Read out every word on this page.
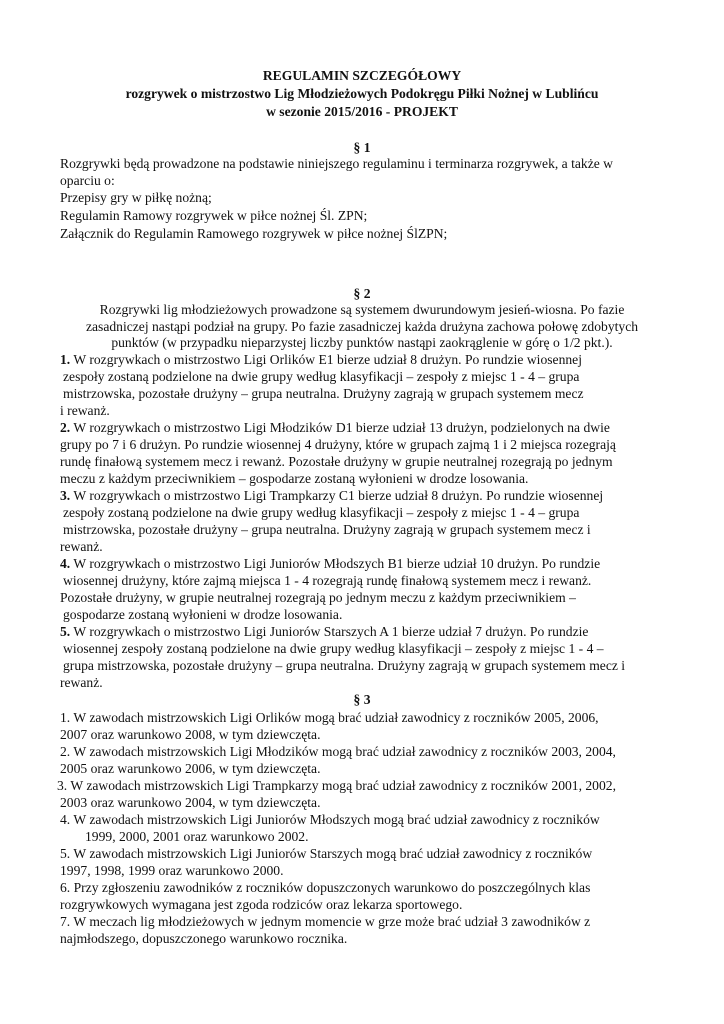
REGULAMIN SZCZEGÓŁOWY
rozgrywek o mistrzostwo Lig Młodzieżowych Podokręgu Piłki Nożnej w Lublińcu
w sezonie 2015/2016 - PROJEKT
§ 1
Rozgrywki będą prowadzone na podstawie niniejszego regulaminu i terminarza rozgrywek, a także w
oparciu o:
Przepisy gry w piłkę nożną;
Regulamin Ramowy rozgrywek w piłce nożnej Śl. ZPN;
Załącznik do Regulamin Ramowego rozgrywek w piłce nożnej ŚlZPN;
§ 2
Rozgrywki lig młodzieżowych prowadzone są systemem dwurundowym jesień-wiosna. Po fazie
zasadniczej nastąpi podział na grupy. Po fazie zasadniczej każda drużyna zachowa połowę zdobytych
punktów (w przypadku nieparzystej liczby punktów nastąpi zaokrąglenie w górę o 1/2 pkt.).
1. W rozgrywkach o mistrzostwo Ligi Orlików E1 bierze udział 8 drużyn. Po rundzie wiosennej
zespoły zostaną podzielone na dwie grupy według klasyfikacji – zespoły z miejsc 1 - 4 – grupa
mistrzowska, pozostałe drużyny – grupa neutralna. Drużyny zagrają w grupach systemem mecz
i rewanż.
2. W rozgrywkach o mistrzostwo Ligi Młodzików D1 bierze udział 13 drużyn, podzielonych na dwie
grupy po 7 i 6 drużyn. Po rundzie wiosennej 4 drużyny, które w grupach zajmą 1 i 2 miejsca rozegrają
rundę finałową systemem mecz i rewanż. Pozostałe drużyny w grupie neutralnej rozegrają po jednym
meczu z każdym przeciwnikiem – gospodarze zostaną wyłonieni w drodze losowania.
3. W rozgrywkach o mistrzostwo Ligi Trampkarzy C1 bierze udział 8 drużyn. Po rundzie wiosennej
zespoły zostaną podzielone na dwie grupy według klasyfikacji – zespoły z miejsc 1 - 4 – grupa
mistrzowska, pozostałe drużyny – grupa neutralna. Drużyny zagrają w grupach systemem mecz i
rewanż.
4. W rozgrywkach o mistrzostwo Ligi Juniorów Młodszych B1 bierze udział 10 drużyn. Po rundzie
wiosennej drużyny, które zajmą miejsca 1 - 4 rozegrają rundę finałową systemem mecz i rewanż.
Pozostałe drużyny, w grupie neutralnej rozegrają po jednym meczu z każdym przeciwnikiem –
gospodarze zostaną wyłonieni w drodze losowania.
5. W rozgrywkach o mistrzostwo Ligi Juniorów Starszych A 1 bierze udział 7 drużyn. Po rundzie
wiosennej zespoły zostaną podzielone na dwie grupy według klasyfikacji – zespoły z miejsc 1 - 4 –
grupa mistrzowska, pozostałe drużyny – grupa neutralna. Drużyny zagrają w grupach systemem mecz i
rewanż.
§ 3
1. W zawodach mistrzowskich Ligi Orlików mogą brać udział zawodnicy z roczników 2005, 2006,
2007 oraz warunkowo 2008, w tym dziewczęta.
2. W zawodach mistrzowskich Ligi Młodzików mogą brać udział zawodnicy z roczników 2003, 2004,
2005 oraz warunkowo 2006, w tym dziewczęta.
3. W zawodach mistrzowskich Ligi Trampkarzy mogą brać udział zawodnicy z roczników 2001, 2002,
2003 oraz warunkowo 2004, w tym dziewczęta.
4. W zawodach mistrzowskich Ligi Juniorów Młodszych mogą brać udział zawodnicy z roczników
1999, 2000, 2001 oraz warunkowo 2002.
5. W zawodach mistrzowskich Ligi Juniorów Starszych mogą brać udział zawodnicy z roczników
1997, 1998, 1999 oraz warunkowo 2000.
6. Przy zgłoszeniu zawodników z roczników dopuszczonych warunkowo do poszczególnych klas
rozgrywkowych wymagana jest zgoda rodziców oraz lekarza sportowego.
7. W meczach lig młodzieżowych w jednym momencie w grze może brać udział 3 zawodników z
najmłodszego, dopuszczonego warunkowo rocznika.
